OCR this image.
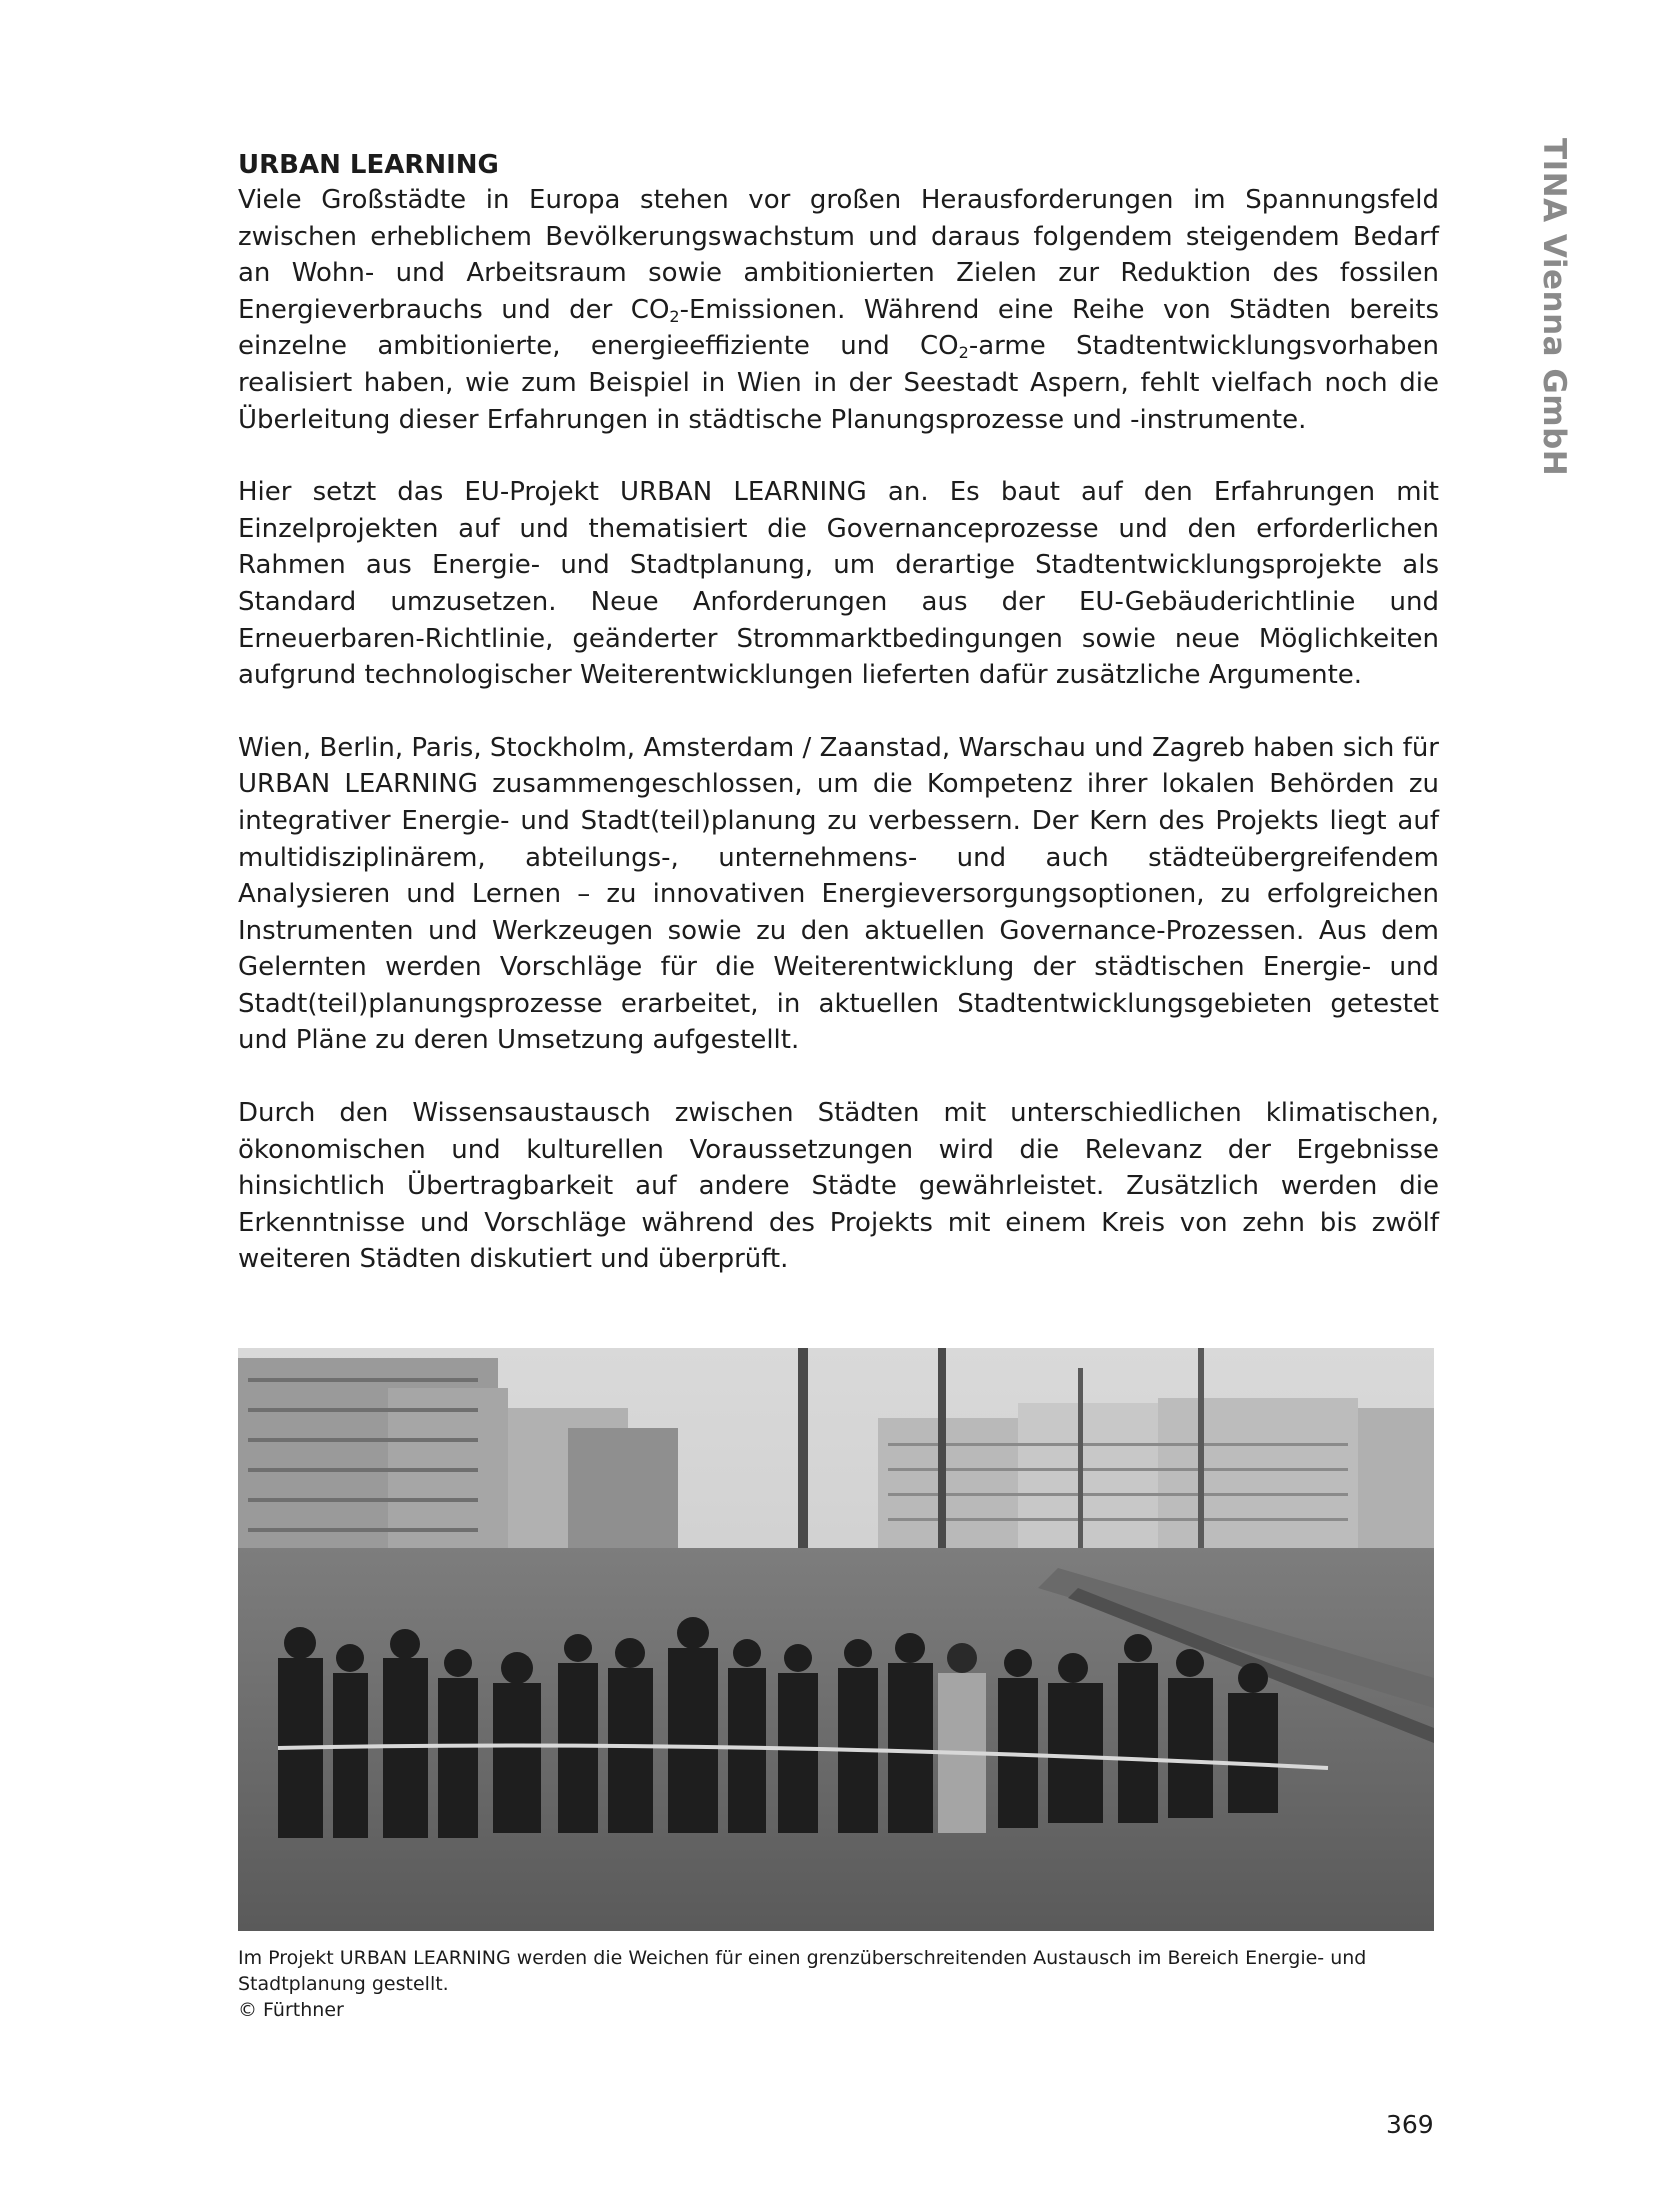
TINA Vienna GmbH
URBAN LEARNING

Viele Großstädte in Europa stehen vor großen Herausforderungen im Spannungsfeld zwischen erheblichem Bevölkerungswachstum und daraus folgendem steigendem Bedarf an Wohn- und Arbeitsraum sowie ambitionierten Zielen zur Reduktion des fossilen Energieverbrauchs und der $CO_2$-Emissionen. Während eine Reihe von Städten bereits einzelne ambitionierte, energieeffiziente und $CO_2$-arme Stadtentwicklungsvorhaben realisiert haben, wie zum Beispiel in Wien in der Seestadt Aspern, fehlt vielfach noch die Überleitung dieser Erfahrungen in städtische Planungsprozesse und -instrumente.

Hier setzt das EU-Projekt URBAN LEARNING an. Es baut auf den Erfahrungen mit Einzelprojekten auf und thematisiert die Governanceprozesse und den erforderlichen Rahmen aus Energie- und Stadtplanung, um derartige Stadtentwicklungsprojekte als Standard umzusetzen. Neue Anforderungen aus der EU-Gebäuderichtlinie und Erneuerbaren-Richtlinie, geänderter Strommarktbedingungen sowie neue Möglichkeiten aufgrund technologischer Weiterentwicklungen lieferten dafür zusätzliche Argumente.

Wien, Berlin, Paris, Stockholm, Amsterdam / Zaanstad, Warschau und Zagreb haben sich für URBAN LEARNING zusammengeschlossen, um die Kompetenz ihrer lokalen Behörden zu integrativer Energie- und Stadt(teil)planung zu verbessern. Der Kern des Projekts liegt auf multidisziplinärem, abteilungs-, unternehmens- und auch städteübergreifendem Analysieren und Lernen – zu innovativen Energieversorgungsoptionen, zu erfolgreichen Instrumenten und Werkzeugen sowie zu den aktuellen Governance-Prozessen. Aus dem Gelernten werden Vorschläge für die Weiterentwicklung der städtischen Energie- und Stadt(teil)planungsprozesse erarbeitet, in aktuellen Stadtentwicklungsgebieten getestet und Pläne zu deren Umsetzung aufgestellt.

Durch den Wissensaustausch zwischen Städten mit unterschiedlichen klimatischen, ökonomischen und kulturellen Voraussetzungen wird die Relevanz der Ergebnisse hinsichtlich Übertragbarkeit auf andere Städte gewährleistet. Zusätzlich werden die Erkenntnisse und Vorschläge während des Projekts mit einem Kreis von zehn bis zwölf weiteren Städten diskutiert und überprüft.

Im Projekt URBAN LEARNING werden die Weichen für einen grenzüberschreitenden Austausch im Bereich Energie- und Stadtplanung gestellt.
© Fürthner
369
